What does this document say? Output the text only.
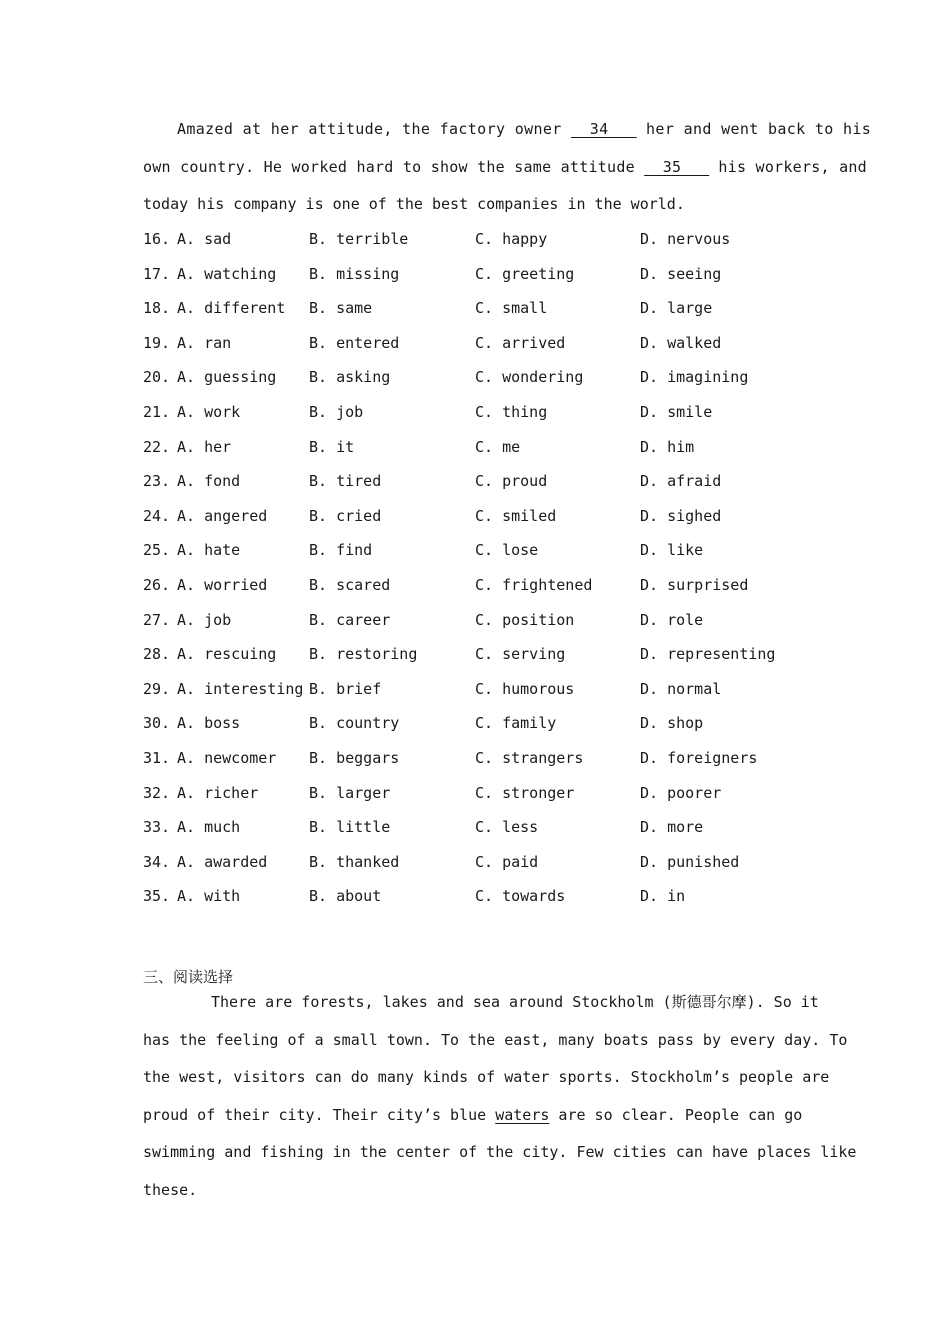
Amazed at her attitude, the factory owner   34    her and went back to his
own country. He worked hard to show the same attitude   35    his workers, and
today his company is one of the best companies in the world.
16. A. sad	B. terrible	C. happy	D. nervous
17. A. watching B. missing	C. greeting	D. seeing
18. A. different B. same	C. small	D. large
19. A. ran	B. entered	C. arrived	D. walked
20. A. guessing B. asking	C. wondering	D. imagining
21. A. work	B. job	C. thing	D. smile
22. A. her	B. it	C. me	D. him
23. A. fond	B. tired	C. proud	D. afraid
24. A. angered	B. cried	C. smiled	D. sighed
25. A. hate	B. find	C. lose	D. like
26. A. worried	B. scared	C. frightened	D. surprised
27. A. job	B. career	C. position	D. role
28. A. rescuing B. restoring	C. serving	D. representing
29. A. interesting B. brief	C. humorous	D. normal
30. A. boss	B. country	C. family	D. shop
31. A. newcomer B. beggars	C. strangers	D. foreigners
32. A. richer	B. larger	C. stronger	D. poorer
33. A. much	B. little	C. less	D. more
34. A. awarded	B. thanked	C. paid	D. punished
35. A. with	B. about	C. towards	D. in
三、阅读选择
There are forests, lakes and sea around Stockholm (斯德哥尔摩). So it
has the feeling of a small town. To the east, many boats pass by every day. To
the west, visitors can do many kinds of water sports. Stockholm’s people are
proud of their city. Their city’s blue waters are so clear. People can go
swimming and fishing in the center of the city. Few cities can have places like
these.
